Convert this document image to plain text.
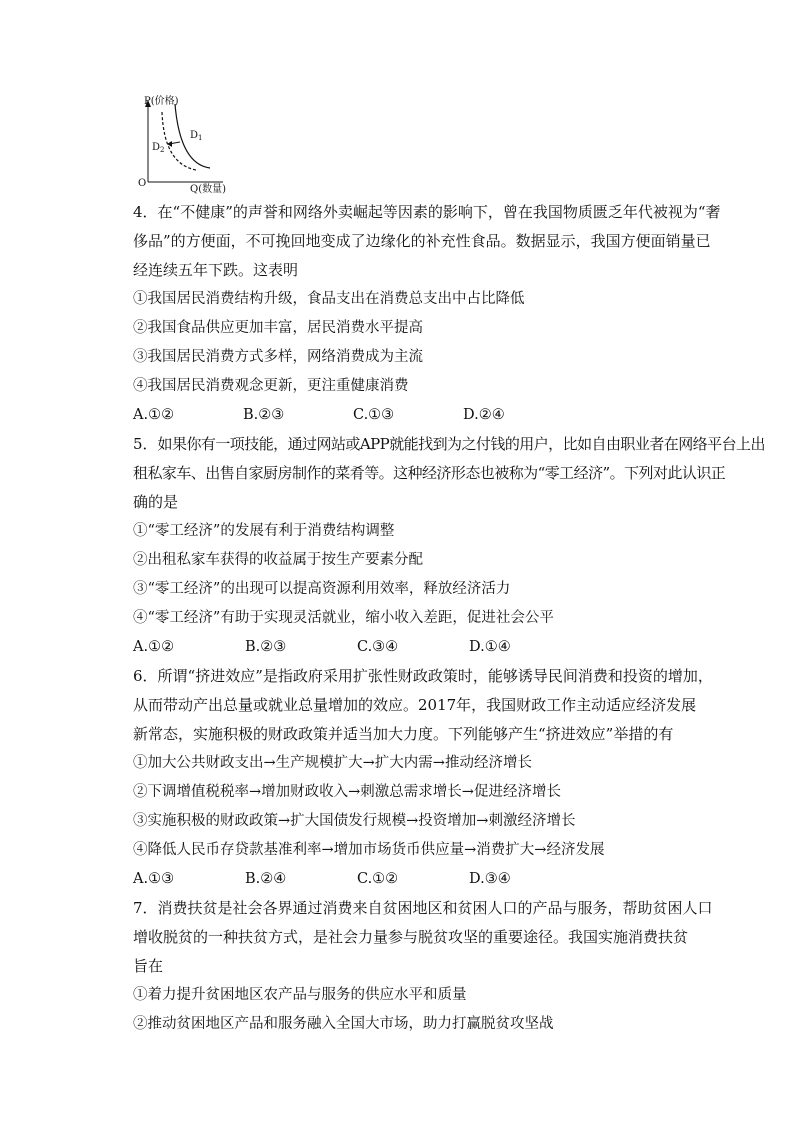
P(价格)
Q(数量)
O
$D_1$
$D_2$
4．在“不健康”的声誉和网络外卖崛起等因素的影响下，曾在我国物质匮乏年代被视为“奢
侈品”的方便面，不可挽回地变成了边缘化的补充性食品。数据显示，我国方便面销量已
经连续五年下跌。这表明
①我国居民消费结构升级，食品支出在消费总支出中占比降低
②我国食品供应更加丰富，居民消费水平提高
③我国居民消费方式多样，网络消费成为主流
④我国居民消费观念更新，更注重健康消费
A.①②	B.②③	C.①③	D.②④
5．如果你有一项技能，通过网站或APP就能找到为之付钱的用户，比如自由职业者在网络平台上出
租私家车、出售自家厨房制作的菜肴等。这种经济形态也被称为“零工经济”。下列对此认识正
确的是
①“零工经济”的发展有利于消费结构调整
②出租私家车获得的收益属于按生产要素分配
③“零工经济”的出现可以提高资源利用效率，释放经济活力
④“零工经济”有助于实现灵活就业，缩小收入差距，促进社会公平
A.①②	B.②③	C.③④	D.①④
6．所谓“挤进效应”是指政府采用扩张性财政政策时，能够诱导民间消费和投资的增加，
从而带动产出总量或就业总量增加的效应。2017年，我国财政工作主动适应经济发展
新常态，实施积极的财政政策并适当加大力度。下列能够产生“挤进效应”举措的有
①加大公共财政支出→生产规模扩大→扩大内需→推动经济增长
②下调增值税税率→增加财政收入→刺激总需求增长→促进经济增长
③实施积极的财政政策→扩大国债发行规模→投资增加→刺激经济增长
④降低人民币存贷款基准利率→增加市场货币供应量→消费扩大→经济发展
A.①③	B.②④	C.①②	D.③④
7．消费扶贫是社会各界通过消费来自贫困地区和贫困人口的产品与服务，帮助贫困人口
增收脱贫的一种扶贫方式，是社会力量参与脱贫攻坚的重要途径。我国实施消费扶贫
旨在
①着力提升贫困地区农产品与服务的供应水平和质量
②推动贫困地区产品和服务融入全国大市场，助力打赢脱贫攻坚战
